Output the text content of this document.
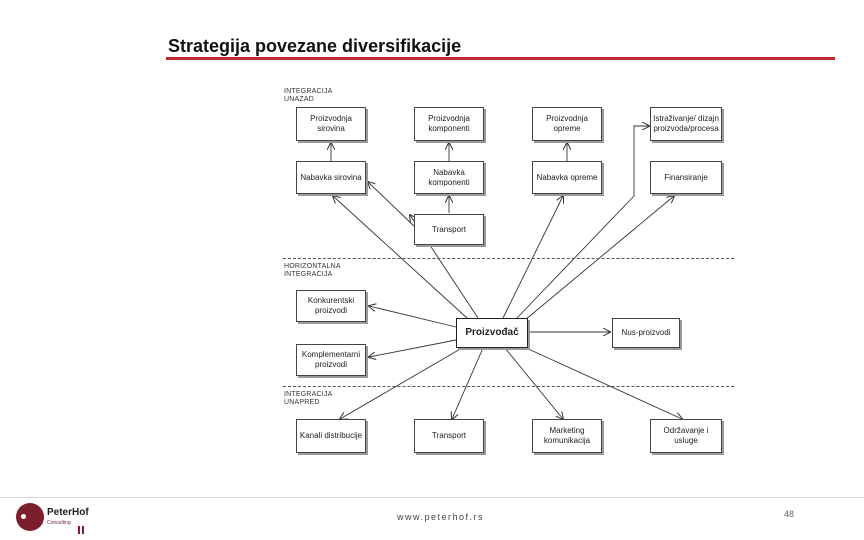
Strategija povezane diversifikacije
INTEGRACIJA UNAZAD
HORIZONTALNA INTEGRACIJA
INTEGRACIJA UNAPRED
Proizvodnja sirovina
Proizvodnja komponenti
Proizvodnja opreme
Istraživanje/ dizajn proizvoda/procesa
Nabavka sirovina
Nabavka komponenti
Nabavka opreme	Finansiranje
Transport
Konkurentski proizvodi
Proizvođač	Nus-proizvodi
Komplementarni proizvodi
Kanali distribucije	Transport
Marketing komunikacija
Održavanje i usluge
PeterHof
Consulting
www.peterhof.rs	48
